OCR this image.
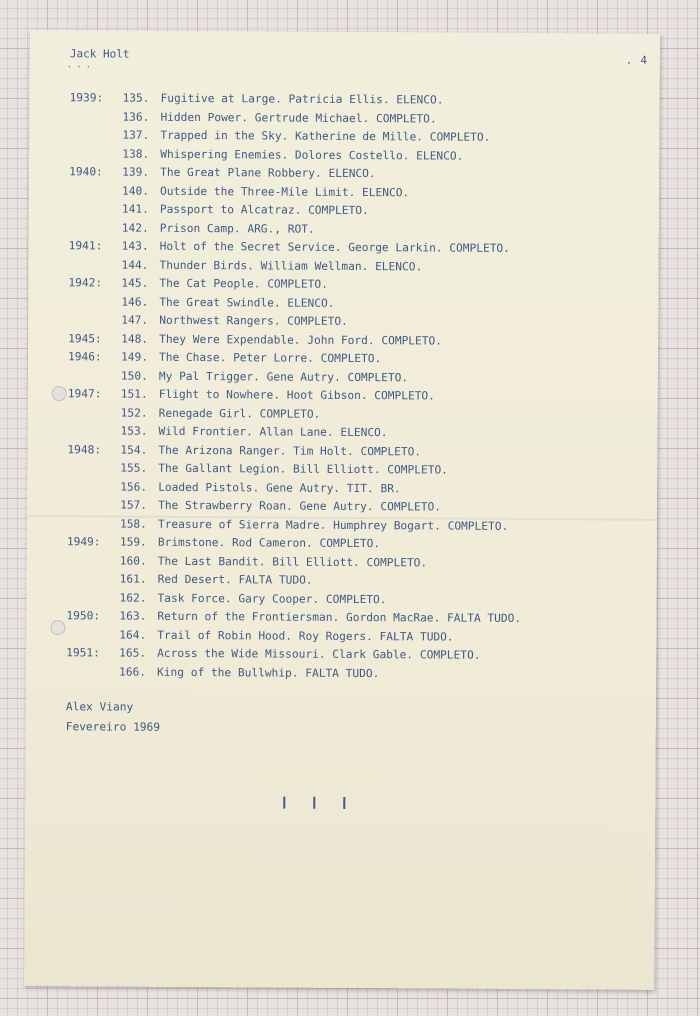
Jack Holt
...	. 4
1939:	135. Fugitive at Large. Patricia Ellis. ELENCO.
136. Hidden Power. Gertrude Michael. COMPLETO.
137. Trapped in the Sky. Katherine de Mille. COMPLETO.
138. Whispering Enemies. Dolores Costello. ELENCO.
1940:	139. The Great Plane Robbery. ELENCO.
140. Outside the Three-Mile Limit. ELENCO.
141. Passport to Alcatraz. COMPLETO.
142. Prison Camp. ARG., ROT.
1941:	143. Holt of the Secret Service. George Larkin. COMPLETO.
144. Thunder Birds. William Wellman. ELENCO.
1942:	145. The Cat People. COMPLETO.
146. The Great Swindle. ELENCO.
147. Northwest Rangers. COMPLETO.
1945:	148. They Were Expendable. John Ford. COMPLETO.
1946:	149. The Chase. Peter Lorre. COMPLETO.
150. My Pal Trigger. Gene Autry. COMPLETO.
1947:	151. Flight to Nowhere. Hoot Gibson. COMPLETO.
152. Renegade Girl. COMPLETO.
153. Wild Frontier. Allan Lane. ELENCO.
1948:	154. The Arizona Ranger. Tim Holt. COMPLETO.
155. The Gallant Legion. Bill Elliott. COMPLETO.
156. Loaded Pistols. Gene Autry. TIT. BR.
157. The Strawberry Roan. Gene Autry. COMPLETO.
158. Treasure of Sierra Madre. Humphrey Bogart. COMPLETO.
1949:	159. Brimstone. Rod Cameron. COMPLETO.
160. The Last Bandit. Bill Elliott. COMPLETO.
161. Red Desert. FALTA TUDO.
162. Task Force. Gary Cooper. COMPLETO.
1950:	163. Return of the Frontiersman. Gordon MacRae. FALTA TUDO.
164. Trail of Robin Hood. Roy Rogers. FALTA TUDO.
1951:	165. Across the Wide Missouri. Clark Gable. COMPLETO.
166. King of the Bullwhip. FALTA TUDO.
Alex Viany
Fevereiro 1969
